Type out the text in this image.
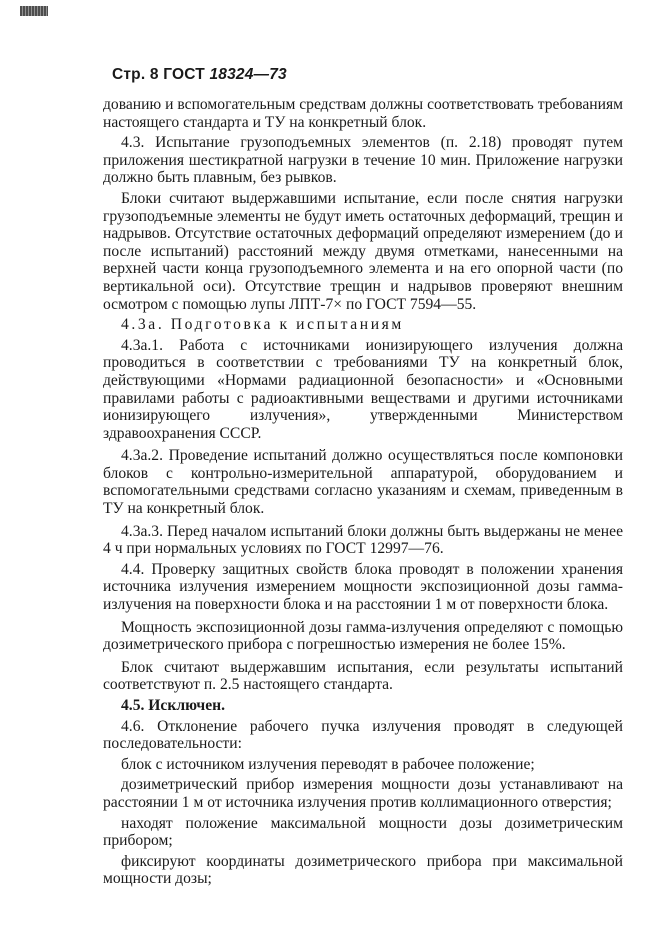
Стр. 8 ГОСТ 18324—73

дованию и вспомогательным средствам должны соответствовать требованиям настоящего стандарта и ТУ на конкретный блок.

4.3. Испытание грузоподъемных элементов (п. 2.18) проводят путем приложения шестикратной нагрузки в течение 10 мин. Приложение нагрузки должно быть плавным, без рывков.

Блоки считают выдержавшими испытание, если после снятия нагрузки грузоподъемные элементы не будут иметь остаточных деформаций, трещин и надрывов. Отсутствие остаточных деформаций определяют измерением (до и после испытаний) расстояний между двумя отметками, нанесенными на верхней части конца грузоподъемного элемента и на его опорной части (по вертикальной оси). Отсутствие трещин и надрывов проверяют внешним осмотром с помощью лупы ЛПТ-7× по ГОСТ 7594—55.

4.3а. Подготовка к испытаниям

4.3а.1. Работа с источниками ионизирующего излучения должна проводиться в соответствии с требованиями ТУ на конкретный блок, действующими «Нормами радиационной безопасности» и «Основными правилами работы с радиоактивными веществами и другими источниками ионизирующего излучения», утвержденными Министерством здравоохранения СССР.

4.3а.2. Проведение испытаний должно осуществляться после компоновки блоков с контрольно-измерительной аппаратурой, оборудованием и вспомогательными средствами согласно указаниям и схемам, приведенным в ТУ на конкретный блок.

4.3а.3. Перед началом испытаний блоки должны быть выдержаны не менее 4 ч при нормальных условиях по ГОСТ 12997—76.

4.4. Проверку защитных свойств блока проводят в положении хранения источника излучения измерением мощности экспозиционной дозы гамма-излучения на поверхности блока и на расстоянии 1 м от поверхности блока.

Мощность экспозиционной дозы гамма-излучения определяют с помощью дозиметрического прибора с погрешностью измерения не более 15%.

Блок считают выдержавшим испытания, если результаты испытаний соответствуют п. 2.5 настоящего стандарта.

4.5. Исключен.

4.6. Отклонение рабочего пучка излучения проводят в следующей последовательности:

блок с источником излучения переводят в рабочее положение;

дозиметрический прибор измерения мощности дозы устанавливают на расстоянии 1 м от источника излучения против коллимационного отверстия;

находят положение максимальной мощности дозы дозиметрическим прибором;

фиксируют координаты дозиметрического прибора при максимальной мощности дозы;
